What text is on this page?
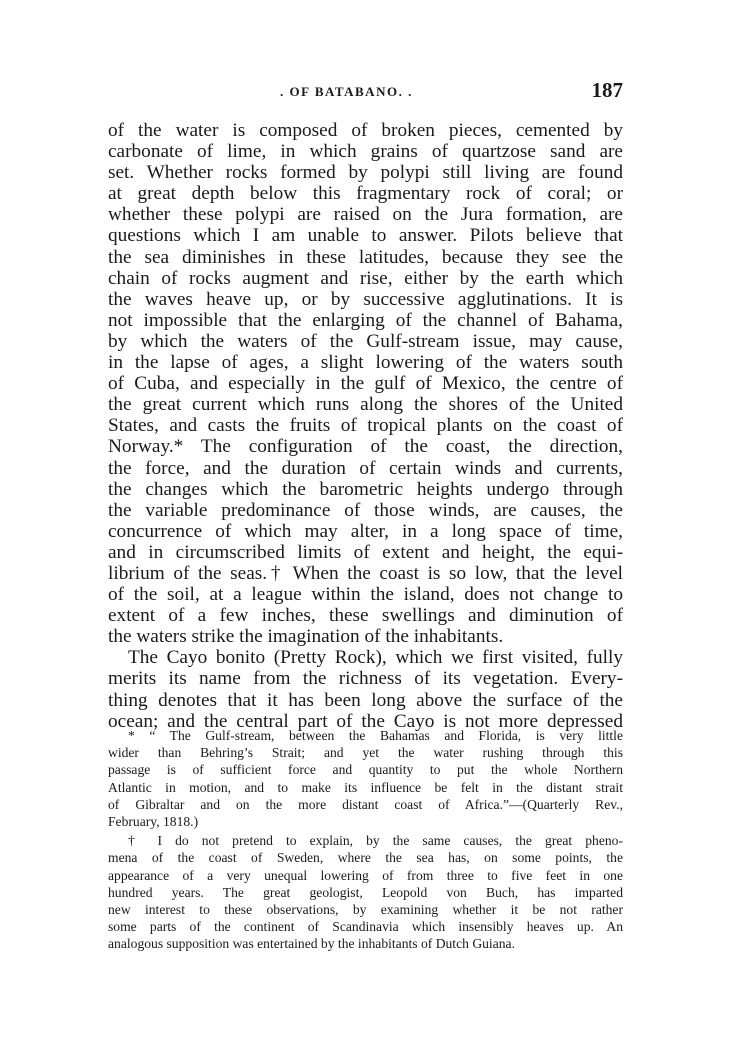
. OF BATABANO. .	187
of the water is composed of broken pieces, cemented by
carbonate of lime, in which grains of quartzose sand are
set. Whether rocks formed by polypi still living are found
at great depth below this fragmentary rock of coral; or
whether these polypi are raised on the Jura formation, are
questions which I am unable to answer. Pilots believe that
the sea diminishes in these latitudes, because they see the
chain of rocks augment and rise, either by the earth which
the waves heave up, or by successive agglutinations. It is
not impossible that the enlarging of the channel of Bahama,
by which the waters of the Gulf-stream issue, may cause,
in the lapse of ages, a slight lowering of the waters south
of Cuba, and especially in the gulf of Mexico, the centre of
the great current which runs along the shores of the United
States, and casts the fruits of tropical plants on the coast of
Norway.* The configuration of the coast, the direction,
the force, and the duration of certain winds and currents,
the changes which the barometric heights undergo through
the variable predominance of those winds, are causes, the
concurrence of which may alter, in a long space of time,
and in circumscribed limits of extent and height, the equi-
librium of the seas.† When the coast is so low, that the level
of the soil, at a league within the island, does not change to
extent of a few inches, these swellings and diminution of
the waters strike the imagination of the inhabitants.
The Cayo bonito (Pretty Rock), which we first visited, fully
merits its name from the richness of its vegetation. Every-
thing denotes that it has been long above the surface of the
ocean; and the central part of the Cayo is not more depressed
* “ The Gulf-stream, between the Bahamas and Florida, is very little
wider than Behring’s Strait; and yet the water rushing through this
passage is of sufficient force and quantity to put the whole Northern
Atlantic in motion, and to make its influence be felt in the distant strait
of Gibraltar and on the more distant coast of Africa.”—(Quarterly Rev.,
February, 1818.)
† I do not pretend to explain, by the same causes, the great pheno-
mena of the coast of Sweden, where the sea has, on some points, the
appearance of a very unequal lowering of from three to five feet in one
hundred years. The great geologist, Leopold von Buch, has imparted
new interest to these observations, by examining whether it be not rather
some parts of the continent of Scandinavia which insensibly heaves up. An
analogous supposition was entertained by the inhabitants of Dutch Guiana.
